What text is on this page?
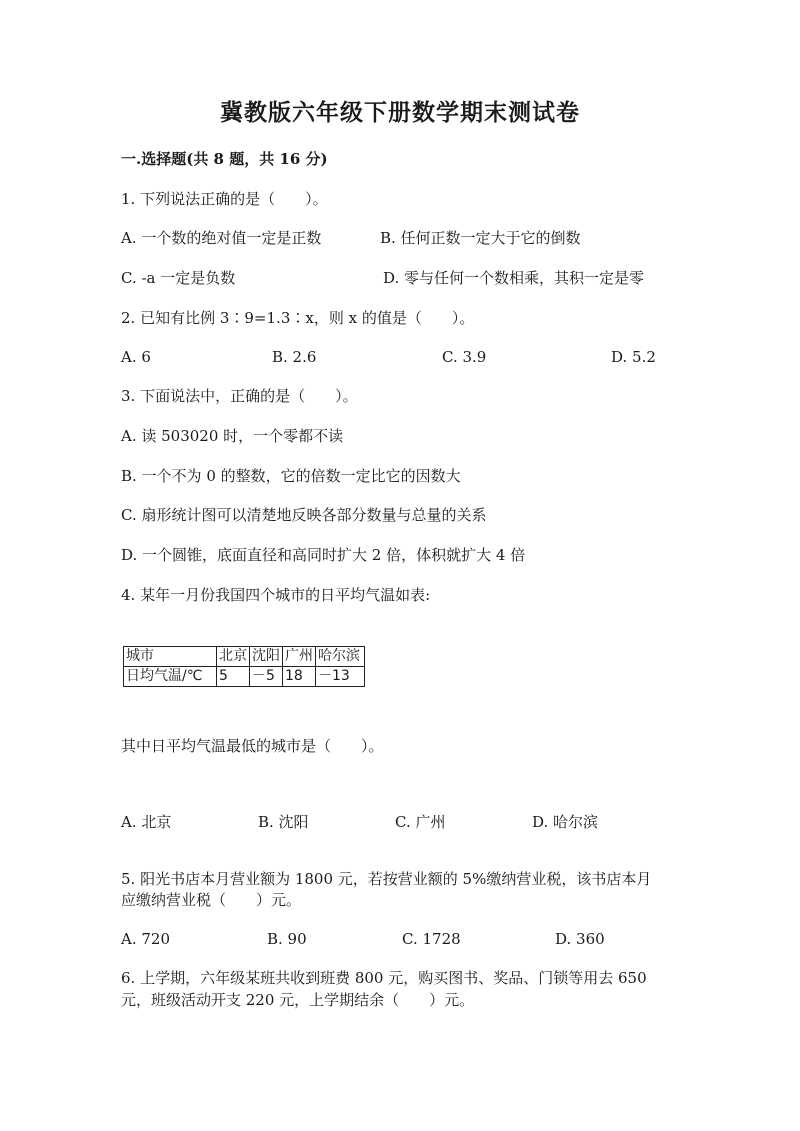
冀教版六年级下册数学期末测试卷
一.选择题(共 8 题，共 16 分)
1. 下列说法正确的是（　　）。
A. 一个数的绝对值一定是正数	B. 任何正数一定大于它的倒数
C. -a 一定是负数	D. 零与任何一个数相乘，其积一定是零
2. 已知有比例 3∶9=1.3∶x，则 x 的值是（　　）。
A. 6	B. 2.6	C. 3.9	D. 5.2
3. 下面说法中，正确的是（　　）。
A. 读 503020 时，一个零都不读
B. 一个不为 0 的整数，它的倍数一定比它的因数大
C. 扇形统计图可以清楚地反映各部分数量与总量的关系
D. 一个圆锥，底面直径和高同时扩大 2 倍，体积就扩大 4 倍
4. 某年一月份我国四个城市的日平均气温如表:
城市	北京	沈阳	广州	哈尔滨
日均气温/℃	5	－5	18	－13
其中日平均气温最低的城市是（　　）。
A. 北京	B. 沈阳	C. 广州	D. 哈尔滨
5. 阳光书店本月营业额为 1800 元，若按营业额的 5%缴纳营业税，该书店本月
应缴纳营业税（　　）元。
A. 720	B. 90	C. 1728	D. 360
6. 上学期，六年级某班共收到班费 800 元，购买图书、奖品、门锁等用去 650
元，班级活动开支 220 元，上学期结余（　　）元。
